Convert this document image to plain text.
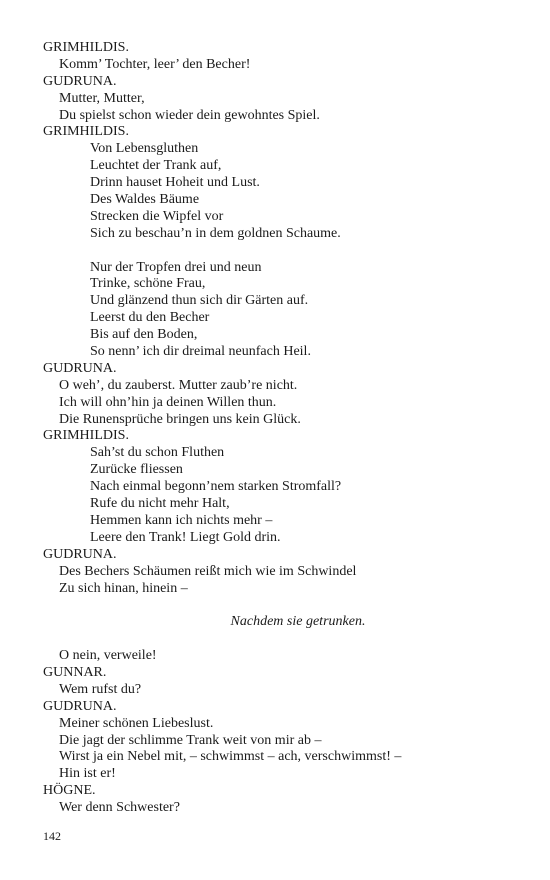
GRIMHILDIS.
Komm’ Tochter, leer’ den Becher!
GUDRUNA.
Mutter, Mutter,
Du spielst schon wieder dein gewohntes Spiel.
GRIMHILDIS.
Von Lebensgluthen
Leuchtet der Trank auf,
Drinn hauset Hoheit und Lust.
Des Waldes Bäume
Strecken die Wipfel vor
Sich zu beschau’n in dem goldnen Schaume.
Nur der Tropfen drei und neun
Trinke, schöne Frau,
Und glänzend thun sich dir Gärten auf.
Leerst du den Becher
Bis auf den Boden,
So nenn’ ich dir dreimal neunfach Heil.
GUDRUNA.
O weh’, du zauberst. Mutter zaub’re nicht.
Ich will ohn’hin ja deinen Willen thun.
Die Runensprüche bringen uns kein Glück.
GRIMHILDIS.
Sah’st du schon Fluthen
Zurücke fliessen
Nach einmal begonn’nem starken Stromfall?
Rufe du nicht mehr Halt,
Hemmen kann ich nichts mehr –
Leere den Trank! Liegt Gold drin.
GUDRUNA.
Des Bechers Schäumen reißt mich wie im Schwindel
Zu sich hinan, hinein –
Nachdem sie getrunken.
O nein, verweile!
GUNNAR.
Wem rufst du?
GUDRUNA.
Meiner schönen Liebeslust.
Die jagt der schlimme Trank weit von mir ab –
Wirst ja ein Nebel mit, – schwimmst – ach, verschwimmst! –
Hin ist er!
HÖGNE.
Wer denn Schwester?
142
